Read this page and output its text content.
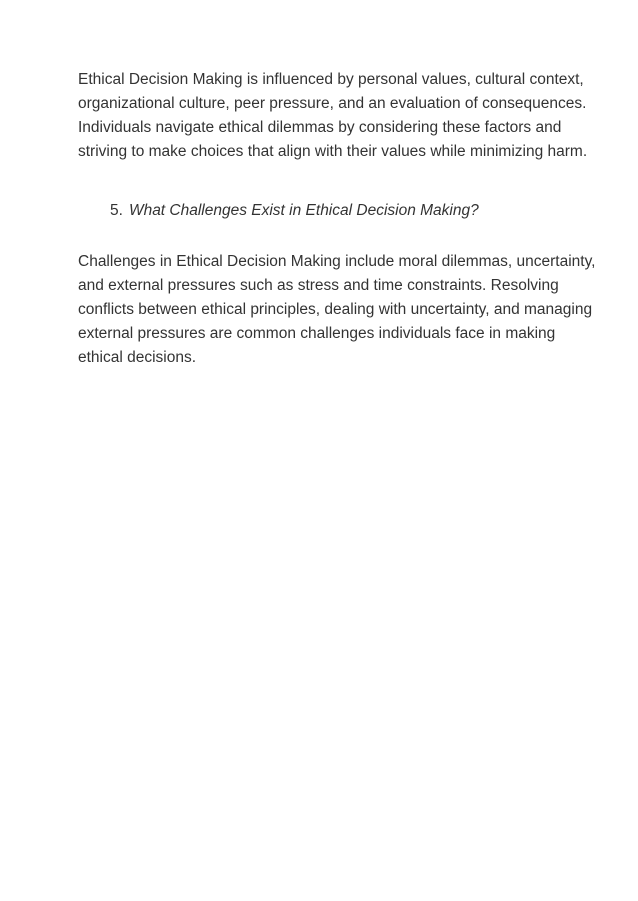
Ethical Decision Making is influenced by personal values, cultural context,
organizational culture, peer pressure, and an evaluation of consequences.
Individuals navigate ethical dilemmas by considering these factors and
striving to make choices that align with their values while minimizing harm.

5. What Challenges Exist in Ethical Decision Making?

Challenges in Ethical Decision Making include moral dilemmas, uncertainty,
and external pressures such as stress and time constraints. Resolving
conflicts between ethical principles, dealing with uncertainty, and managing
external pressures are common challenges individuals face in making
ethical decisions.
